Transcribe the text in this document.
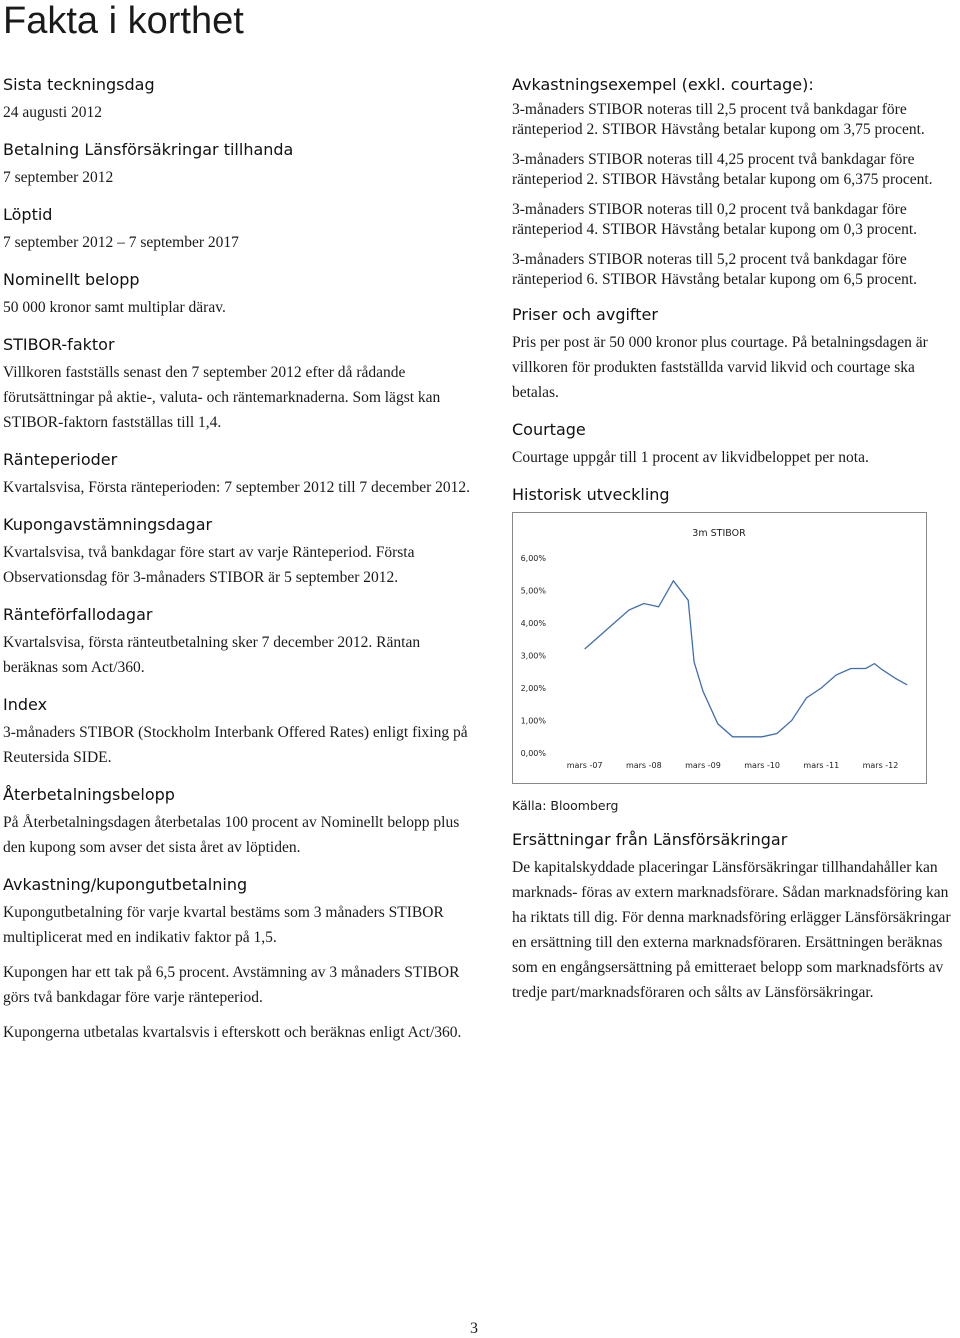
Fakta i korthet
Sista teckningsdag

24 augusti 2012

Betalning Länsförsäkringar tillhanda

7 september 2012

Löptid

7 september 2012 – 7 september 2017

Nominellt belopp

50 000 kronor samt multiplar därav.

STIBOR-faktor

Villkoren fastställs senast den 7 september 2012 efter då rådande förutsättningar på aktie-, valuta- och räntemarknaderna. Som lägst kan STIBOR-faktorn fastställas till 1,4.

Ränteperioder

Kvartalsvisa, Första ränteperioden: 7 september 2012 till 7 december 2012.

Kupongavstämningsdagar

Kvartalsvisa, två bankdagar före start av varje Ränteperiod. Första Observationsdag för 3-månaders STIBOR är 5 september 2012.

Ränteförfallodagar

Kvartalsvisa, första ränteutbetalning sker 7 december 2012. Räntan beräknas som Act/360.

Index

3-månaders STIBOR (Stockholm Interbank Offered Rates) enligt fixing på Reutersida SIDE.

Återbetalningsbelopp

På Återbetalningsdagen återbetalas 100 procent av Nominellt belopp plus den kupong som avser det sista året av löptiden.

Avkastning/kupongutbetalning

Kupongutbetalning för varje kvartal bestäms som 3 månaders STIBOR multiplicerat med en indikativ faktor på 1,5.

Kupongen har ett tak på 6,5 procent. Avstämning av 3 månaders STIBOR görs två bankdagar före varje ränteperiod.

Kupongerna utbetalas kvartalsvis i efterskott och beräknas enligt Act/360.

Avkastningsexempel (exkl. courtage):

3-månaders STIBOR noteras till 2,5 procent två bankdagar före ränteperiod 2. STIBOR Hävstång betalar kupong om 3,75 procent.

3-månaders STIBOR noteras till 4,25 procent två bankdagar före ränteperiod 2. STIBOR Hävstång betalar kupong om 6,375 procent.

3-månaders STIBOR noteras till 0,2 procent två bankdagar före ränteperiod 4. STIBOR Hävstång betalar kupong om 0,3 procent.

3-månaders STIBOR noteras till 5,2 procent två bankdagar före ränteperiod 6. STIBOR Hävstång betalar kupong om 6,5 procent.

Priser och avgifter

Pris per post är 50 000 kronor plus courtage. På betalningsdagen är villkoren för produkten fastställda varvid likvid och courtage ska betalas.

Courtage

Courtage uppgår till 1 procent av likvidbeloppet per nota.

Historisk utveckling
3m STIBOR
0,00%
1,00%
2,00%
3,00%
4,00%
5,00%
6,00%
mars -07	mars -08	mars -09	mars -10	mars -11	mars -12

Källa: Bloomberg

Ersättningar från Länsförsäkringar

De kapitalskyddade placeringar Länsförsäkringar tillhandahåller kan marknads- föras av extern marknadsförare. Sådan marknadsföring kan ha riktats till dig. För denna marknadsföring erlägger Länsförsäkringar en ersättning till den externa marknadsföraren. Ersättningen beräknas som en engångsersättning på emitteraet belopp som marknadsförts av tredje part/marknadsföraren och sålts av Länsförsäkringar.

3
